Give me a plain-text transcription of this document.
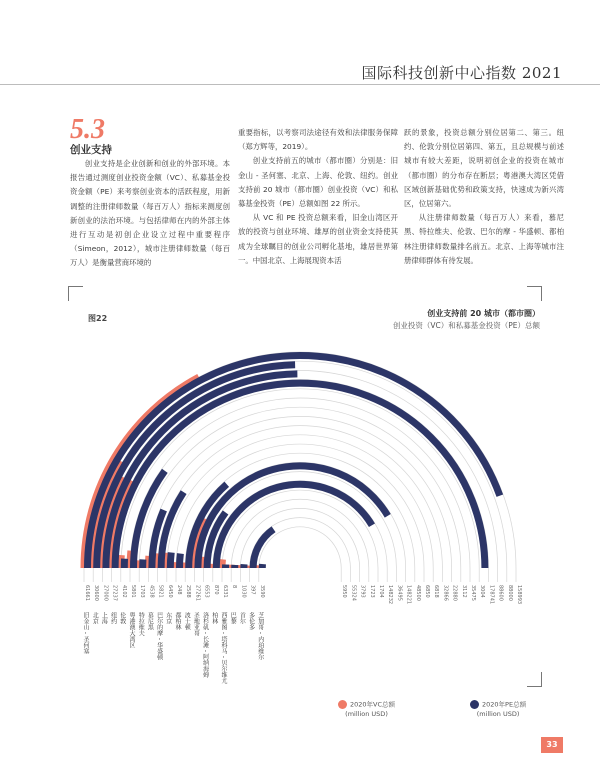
国际科技创新中心指数 2021
5.3
创业支持

创业支持是企业创新和创业的外部环境。本报告通过测度创业投资金额（VC）、私募基金投资金额（PE）来考察创业资本的活跃程度，用新调整的注册律师数量（每百万人）指标来测度创新创业的法治环境。与包括律师在内的外部主体进行互动是初创企业设立过程中重要程序（Simeon，2012），城市注册律师数量（每百万人）是衡量营商环境的

重要指标，以考察司法途径有效和法律服务保障（郑方辉等，2019）。

创业支持前五的城市（都市圈）分别是：旧金山 - 圣何塞、北京、上海、伦敦、纽约。创业支持前 20 城市（都市圈）创业投资（VC）和私募基金投资（PE）总额如图 22 所示。

从 VC 和 PE 投资总额来看，旧金山湾区开放的投资与创业环境、雄厚的创业资金支持使其成为全球瞩目的创业公司孵化基地，雄居世界第一。中国北京、上海展现资本活

跃的景象，投资总额分别位居第二、第三。纽约、伦敦分别位居第四、第五，且总规模与前述城市有较大差距，说明初创企业的投资在城市（都市圈）的分布存在断层；粤港澳大湾区凭借区域创新基础优势和政策支持，快速成为新兴湾区，位居第六。

从注册律师数量（每百万人）来看，慕尼黑、特拉维夫、伦敦、巴尔的摩 - 华盛顿、都柏林注册律师数量排名前五。北京、上海等城市注册律师群体有待发展。

图22
创业支持前 20 城市（都市圈）
创业投资（VC）和私募基金投资（PE）总额
旧金山 - 圣何塞 北京 上海 纽约 伦敦 粤港澳大湾区 特拉维夫 慕尼黑 巴尔的摩 - 华盛顿 东京 都柏林 波士顿 圣地亚哥 洛杉矶 - 长滩 - 阿纳海姆 柏林 西雅图 - 塔科马 - 贝尔维尤 巴黎 首尔 多伦多 芝加哥 - 内珀维尔
61661 30600 27000 27237 4102 5801 1703 4538 5821 6450 248 2588 27261 6553 870 6331 8 1030 397 3590	158993
88000
88600
178741
3004
35475
3112
22880
32866
6818
6850
48500
148221
36495
148232
1704
1723
3793
55324
5950
2020年VC总额
(million USD)
2020年PE总额
(million USD)
33
